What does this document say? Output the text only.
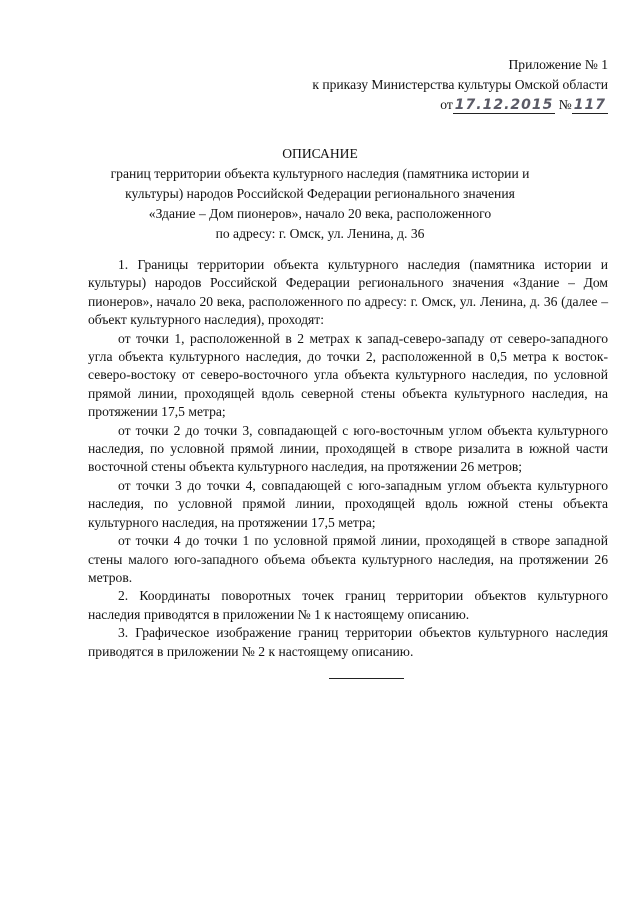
Приложение № 1
к приказу Министерства культуры Омской области
от 17.12.2015 № 117
ОПИСАНИЕ
границ территории объекта культурного наследия (памятника истории и
культуры) народов Российской Федерации регионального значения
«Здание – Дом пионеров», начало 20 века, расположенного
по адресу: г. Омск, ул. Ленина, д. 36

1. Границы территории объекта культурного наследия (памятника истории и культуры) народов Российской Федерации регионального значения «Здание – Дом пионеров», начало 20 века, расположенного по адресу: г. Омск, ул. Ленина, д. 36 (далее – объект культурного наследия), проходят:

от точки 1, расположенной в 2 метрах к запад-северо-западу от северо-западного угла объекта культурного наследия, до точки 2, расположенной в 0,5 метра к восток-северо-востоку от северо-восточного угла объекта культурного наследия, по условной прямой линии, проходящей вдоль северной стены объекта культурного наследия, на протяжении 17,5 метра;

от точки 2 до точки 3, совпадающей с юго-восточным углом объекта культурного наследия, по условной прямой линии, проходящей в створе ризалита в южной части восточной стены объекта культурного наследия, на протяжении 26 метров;

от точки 3 до точки 4, совпадающей с юго-западным углом объекта культурного наследия, по условной прямой линии, проходящей вдоль южной стены объекта культурного наследия, на протяжении 17,5 метра;

от точки 4 до точки 1 по условной прямой линии, проходящей в створе западной стены малого юго-западного объема объекта культурного наследия, на протяжении 26 метров.

2. Координаты поворотных точек границ территории объектов культурного наследия приводятся в приложении № 1 к настоящему описанию.

3. Графическое изображение границ территории объектов культурного наследия приводятся в приложении № 2 к настоящему описанию.
